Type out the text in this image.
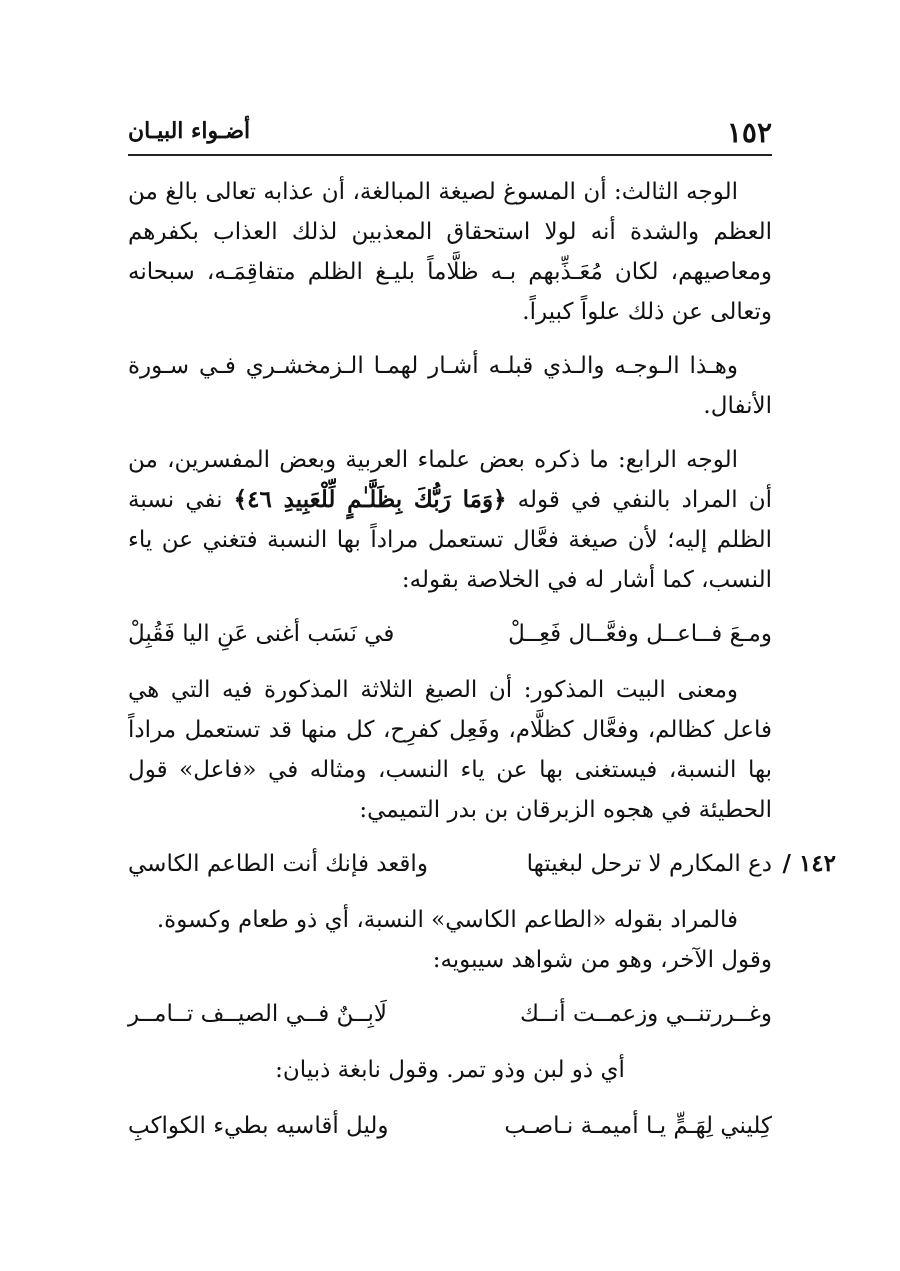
١٥٢
أضـواء البيـان

الوجه الثالث: أن المسوغ لصيغة المبالغة، أن عذابه تعالى بالغ من العظم والشدة أنه لولا استحقاق المعذبين لذلك العذاب بكفرهم ومعاصيهم، لكان مُعَـذِّبهم بـه ظلَّاماً بليـغ الظلم متفاقِمَـه، سبحانه وتعالى عن ذلك علواً كبيراً.

وهـذا الـوجـه والـذي قبلـه أشـار لهمـا الـزمخشـري فـي سـورة الأنفال.

الوجه الرابع: ما ذكره بعض علماء العربية وبعض المفسرين، من أن المراد بالنفي في قوله ﴿وَمَا رَبُّكَ بِظَلَّـٰمٍ لِّلْعَبِيدِ ٤٦﴾ نفي نسبة الظلم إليه؛ لأن صيغة فعَّال تستعمل مراداً بها النسبة فتغني عن ياء النسب، كما أشار له في الخلاصة بقوله:

ومـعَ فــاعــل وفعَّــال فَعِــلْ
في نَسَب أغنى عَنِ اليا فَقُبِلْ

ومعنى البيت المذكور: أن الصيغ الثلاثة المذكورة فيه التي هي فاعل كظالم، وفعَّال كظلَّام، وفَعِل كفرِح، كل منها قد تستعمل مراداً بها النسبة، فيستغنى بها عن ياء النسب، ومثاله في «فاعل» قول الحطيئة في هجوه الزبرقان بن بدر التميمي:

١٤٢ /
دع المكارم لا ترحل لبغيتها
واقعد فإنك أنت الطاعم الكاسي

فالمراد بقوله «الطاعم الكاسي» النسبة، أي ذو طعام وكسوة.

وقول الآخر، وهو من شواهد سيبويه:

وغــررتنــي وزعمــت أنــك
لَابِــنٌ فــي الصيــف تــامــر

أي ذو لبن وذو تمر. وقول نابغة ذبيان:

كِليني لِهَـمٍّ يـا أميمـة نـاصـب
وليل أقاسيه بطيء الكواكبِ
